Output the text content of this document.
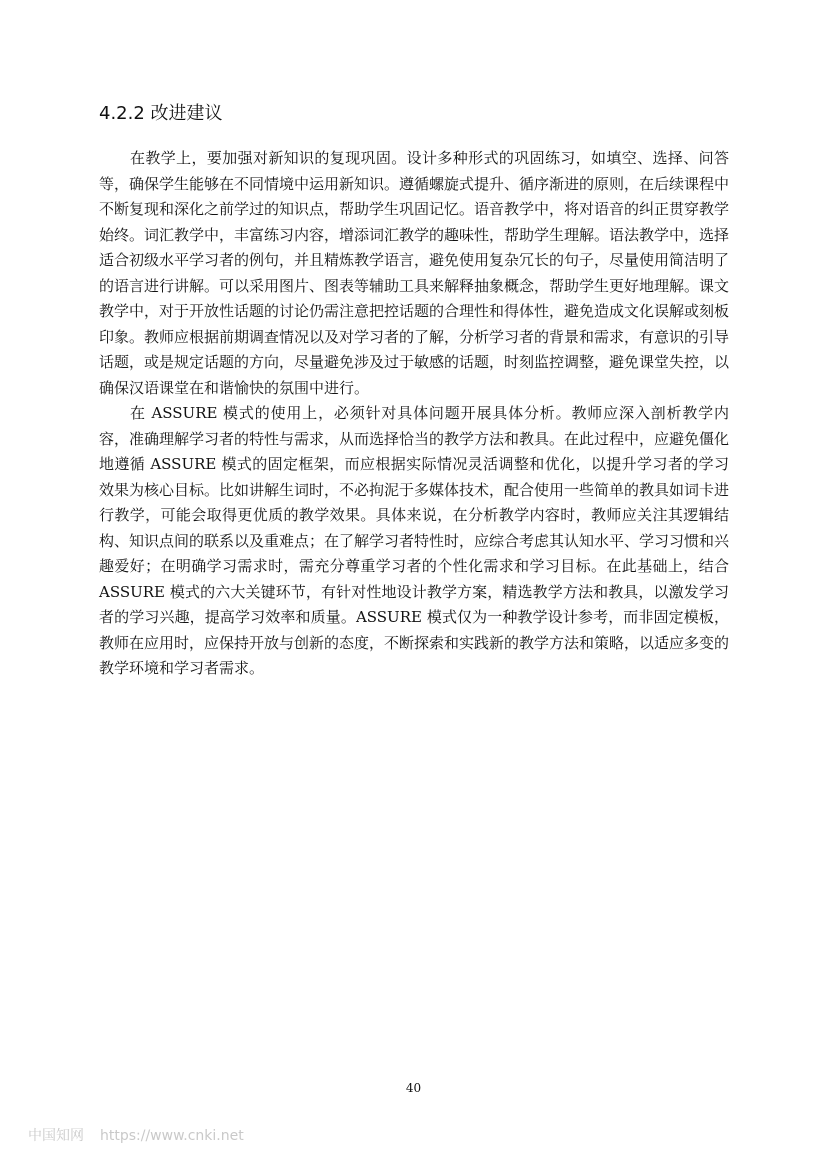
4.2.2 改进建议

在教学上，要加强对新知识的复现巩固。设计多种形式的巩固练习，如填空、选择、问答等，确保学生能够在不同情境中运用新知识。遵循螺旋式提升、循序渐进的原则，在后续课程中不断复现和深化之前学过的知识点，帮助学生巩固记忆。语音教学中，将对语音的纠正贯穿教学始终。词汇教学中，丰富练习内容，增添词汇教学的趣味性，帮助学生理解。语法教学中，选择适合初级水平学习者的例句，并且精炼教学语言，避免使用复杂冗长的句子，尽量使用简洁明了的语言进行讲解。可以采用图片、图表等辅助工具来解释抽象概念，帮助学生更好地理解。课文教学中，对于开放性话题的讨论仍需注意把控话题的合理性和得体性，避免造成文化误解或刻板印象。教师应根据前期调查情况以及对学习者的了解，分析学习者的背景和需求，有意识的引导话题，或是规定话题的方向，尽量避免涉及过于敏感的话题，时刻监控调整，避免课堂失控，以确保汉语课堂在和谐愉快的氛围中进行。

在 ASSURE 模式的使用上，必须针对具体问题开展具体分析。教师应深入剖析教学内容，准确理解学习者的特性与需求，从而选择恰当的教学方法和教具。在此过程中，应避免僵化地遵循 ASSURE 模式的固定框架，而应根据实际情况灵活调整和优化，以提升学习者的学习效果为核心目标。比如讲解生词时，不必拘泥于多媒体技术，配合使用一些简单的教具如词卡进行教学，可能会取得更优质的教学效果。具体来说，在分析教学内容时，教师应关注其逻辑结构、知识点间的联系以及重难点；在了解学习者特性时，应综合考虑其认知水平、学习习惯和兴趣爱好；在明确学习需求时，需充分尊重学习者的个性化需求和学习目标。在此基础上，结合 ASSURE 模式的六大关键环节，有针对性地设计教学方案，精选教学方法和教具，以激发学习者的学习兴趣，提高学习效率和质量。ASSURE 模式仅为一种教学设计参考，而非固定模板，教师在应用时，应保持开放与创新的态度，不断探索和实践新的教学方法和策略，以适应多变的教学环境和学习者需求。

40
中国知网 https://www.cnki.net
